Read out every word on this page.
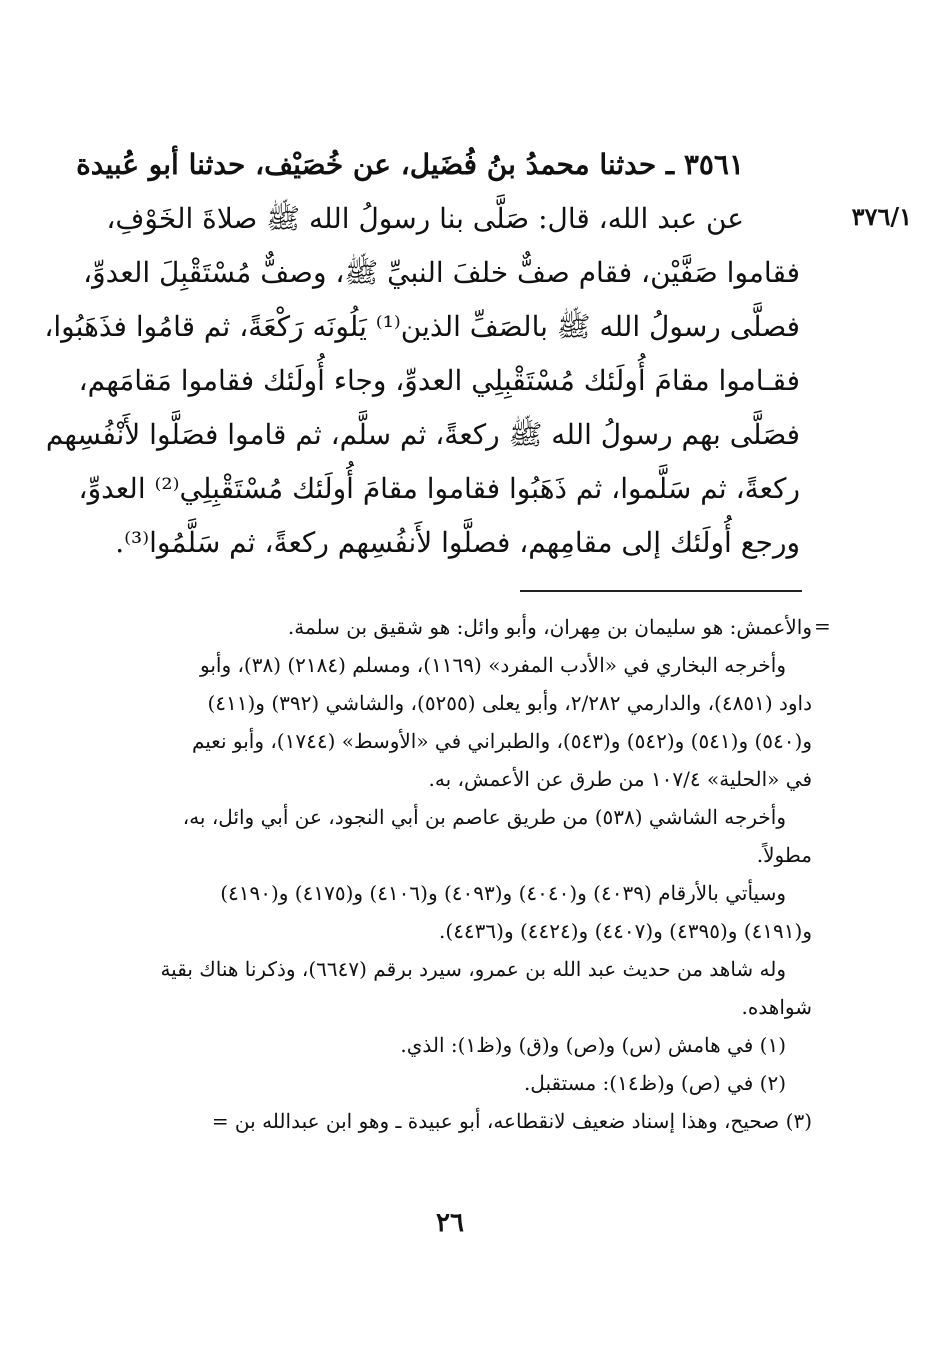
٣٧٦/١
٣٥٦١ ـ حدثنا محمدُ بنُ فُضَيل، عن خُصَيْف، حدثنا أبو عُبيدة
عن عبد الله، قال: صَلَّى بنا رسولُ الله ﷺ صلاةَ الخَوْفِ،
فقاموا صَفَّيْن، فقام صفٌّ خلفَ النبيِّ ﷺ، وصفٌّ مُسْتَقْبِلَ العدوِّ،
فصلَّى رسولُ الله ﷺ بالصَفِّ الذين⁽¹⁾ يَلُونَه رَكْعَةً، ثم قامُوا فذَهَبُوا،
فقـاموا مقامَ أُولَئك مُسْتَقْبِلِي العدوِّ، وجاء أُولَئك فقاموا مَقامَهم،
فصَلَّى بهم رسولُ الله ﷺ ركعةً، ثم سلَّم، ثم قاموا فصَلَّوا لأَنْفُسِهم
ركعةً، ثم سَلَّموا، ثم ذَهَبُوا فقاموا مقامَ أُولَئك مُسْتَقْبِلِي⁽²⁾ العدوِّ،
ورجع أُولَئك إلى مقامِهم، فصلَّوا لأَنفُسِهم ركعةً، ثم سَلَّمُوا⁽³⁾.
=
والأعمش: هو سليمان بن مِهران، وأبو وائل: هو شقيق بن سلمة.
وأخرجه البخاري في «الأدب المفرد» (١١٦٩)، ومسلم (٢١٨٤) (٣٨)، وأبو
داود (٤٨٥١)، والدارمي ٢/٢٨٢، وأبو يعلى (٥٢٥٥)، والشاشي (٣٩٢) و(٤١١)
و(٥٤٠) و(٥٤١) و(٥٤٢) و(٥٤٣)، والطبراني في «الأوسط» (١٧٤٤)، وأبو نعيم
في «الحلية» ١٠٧/٤ من طرق عن الأعمش، به.
وأخرجه الشاشي (٥٣٨) من طريق عاصم بن أبي النجود، عن أبي وائل، به،
مطولاً.
وسيأتي بالأرقام (٤٠٣٩) و(٤٠٤٠) و(٤٠٩٣) و(٤١٠٦) و(٤١٧٥) و(٤١٩٠)
و(٤١٩١) و(٤٣٩٥) و(٤٤٠٧) و(٤٤٢٤) و(٤٤٣٦).
وله شاهد من حديث عبد الله بن عمرو، سيرد برقم (٦٦٤٧)، وذكرنا هناك بقية
شواهده.
(١) في هامش (س) و(ص) و(ق) و(ظ١): الذي.
(٢) في (ص) و(ظ١٤): مستقبل.
(٣) صحيح، وهذا إسناد ضعيف لانقطاعه، أبو عبيدة ـ وهو ابن عبدالله بن =
٢٦
